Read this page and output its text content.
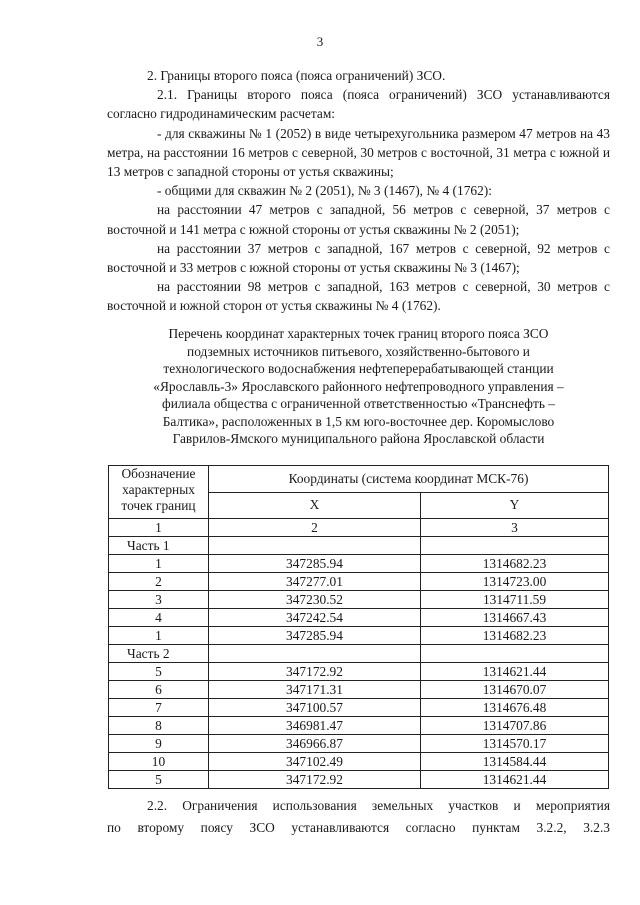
3

2. Границы второго пояса (пояса ограничений) ЗСО.

2.1. Границы второго пояса (пояса ограничений) ЗСО устанавливаются согласно гидродинамическим расчетам:

- для скважины № 1 (2052) в виде четырехугольника размером 47 метров на 43 метра, на расстоянии 16 метров с северной, 30 метров с восточной, 31 метра с южной и 13 метров с западной стороны от устья скважины;

- общими для скважин № 2 (2051), № 3 (1467), № 4 (1762):

на расстоянии 47 метров с западной, 56 метров с северной, 37 метров с восточной и 141 метра с южной стороны от устья скважины № 2 (2051);

на расстоянии 37 метров с западной, 167 метров с северной, 92 метров с восточной и 33 метров с южной стороны от устья скважины № 3 (1467);

на расстоянии 98 метров с западной, 163 метров с северной, 30 метров с восточной и южной сторон от устья скважины № 4 (1762).

Перечень координат характерных точек границ второго пояса ЗСО
подземных источников питьевого, хозяйственно-бытового и
технологического водоснабжения нефтеперерабатывающей станции
«Ярославль-3» Ярославского районного нефтепроводного управления –
филиала общества с ограниченной ответственностью «Транснефть –
Балтика», расположенных в 1,5 км юго-восточнее дер. Коромыслово
Гаврилов-Ямского муниципального района Ярославской области
Обозначение характерных точек границ	Координаты (система координат МСК-76)	
	X	Y
1	2	3
Часть 1		
1	347285.94	1314682.23
2	347277.01	1314723.00
3	347230.52	1314711.59
4	347242.54	1314667.43
1	347285.94	1314682.23
Часть 2		
5	347172.92	1314621.44
6	347171.31	1314670.07
7	347100.57	1314676.48
8	346981.47	1314707.86
9	346966.87	1314570.17
10	347102.49	1314584.44
5	347172.92	1314621.44

2.2. Ограничения использования земельных участков и мероприятия

по второму поясу ЗСО устанавливаются согласно пунктам 3.2.2, 3.2.3
